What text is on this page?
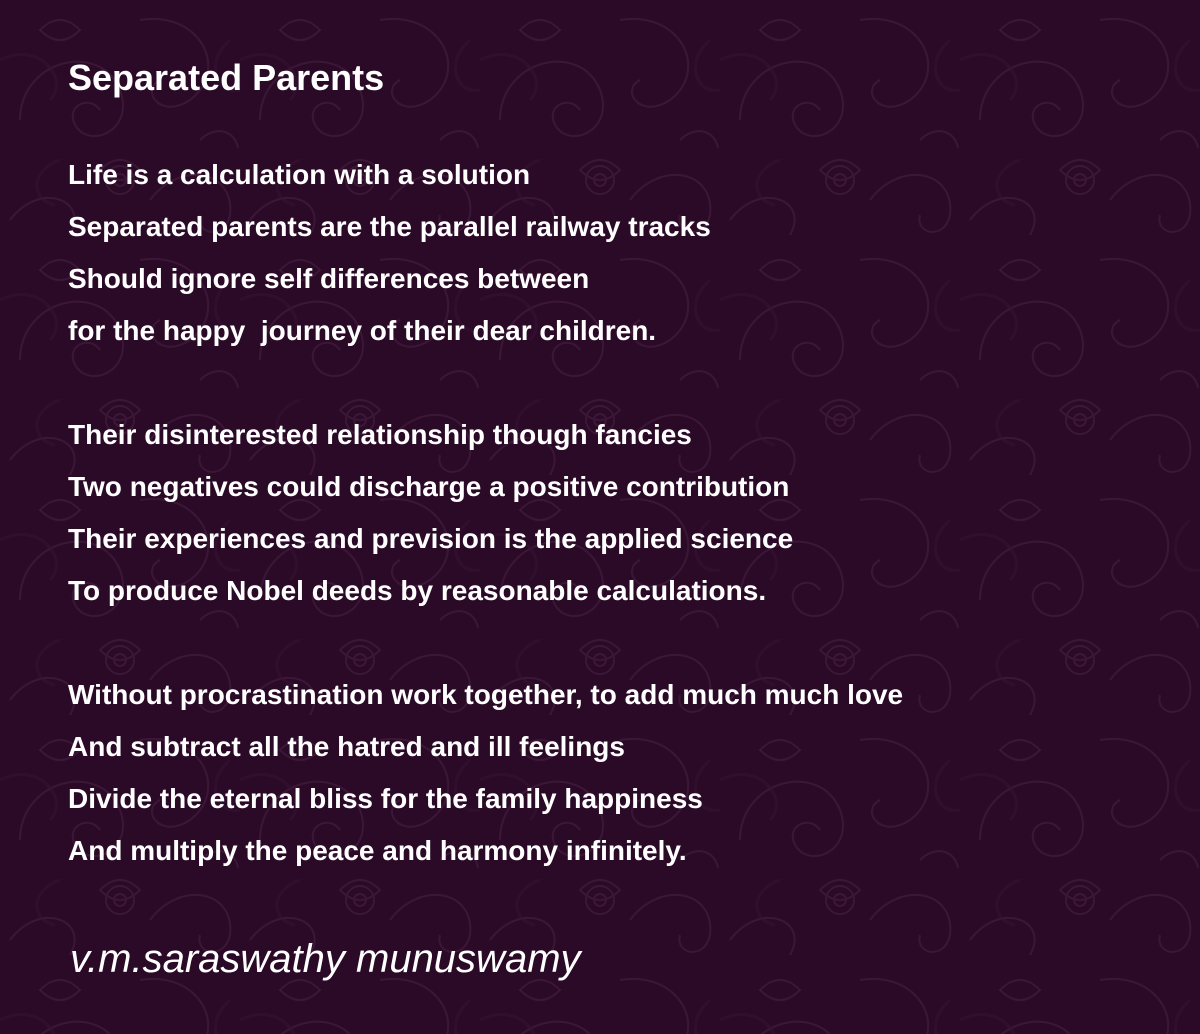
Separated Parents
Life is a calculation with a solution
Separated parents are the parallel railway tracks
Should ignore self differences between
for the happy  journey of their dear children.
Their disinterested relationship though fancies
Two negatives could discharge a positive contribution
Their experiences and prevision is the applied science
To produce Nobel deeds by reasonable calculations.
Without procrastination work together, to add much much love
And subtract all the hatred and ill feelings
Divide the eternal bliss for the family happiness
And multiply the peace and harmony infinitely.

v.m.saraswathy munuswamy
